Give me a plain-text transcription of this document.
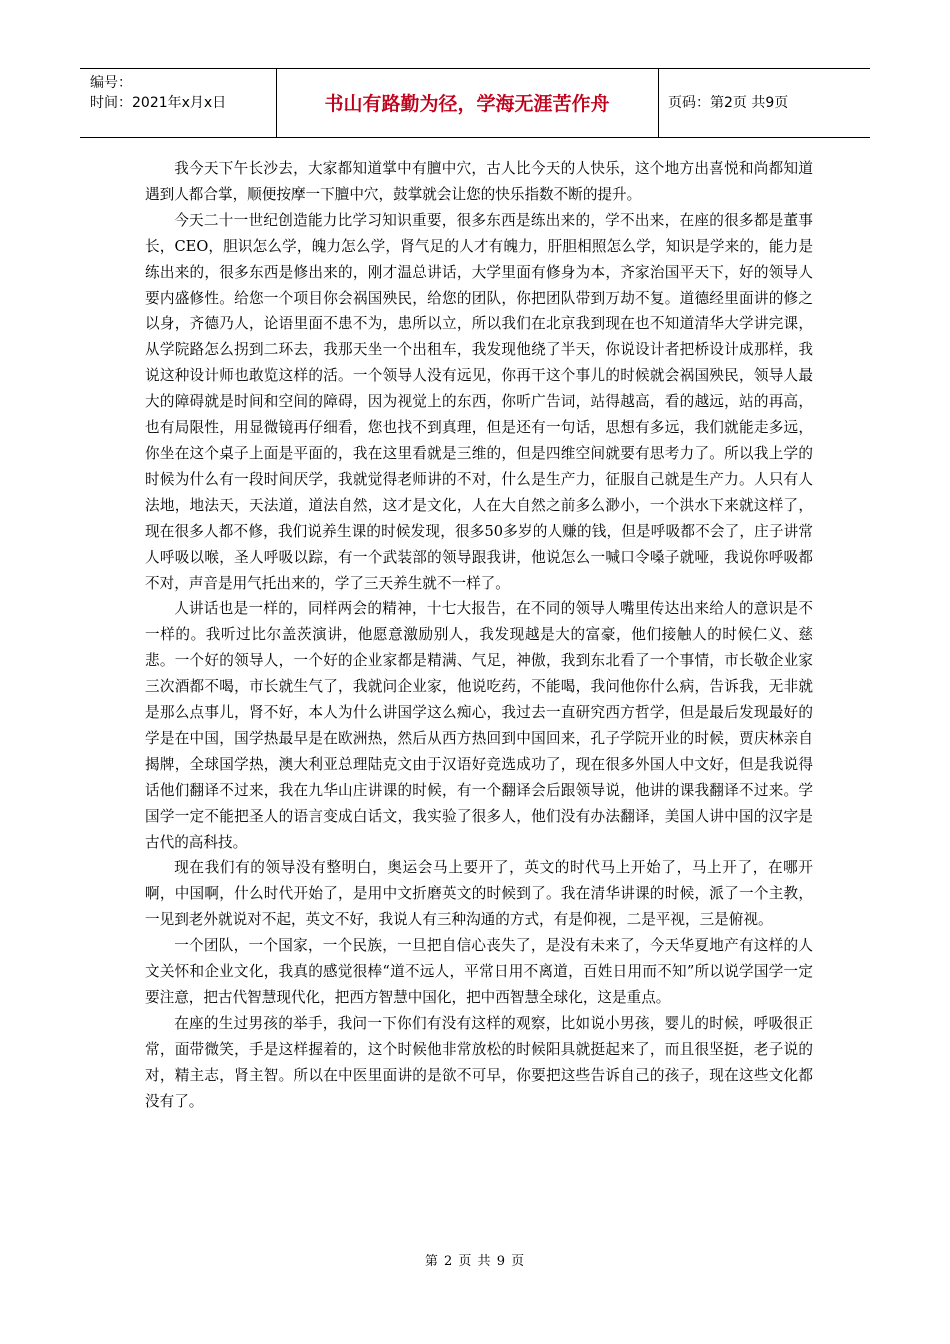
编号：
时间：2021年x月x日	书山有路勤为径，学海无涯苦作舟	页码：第2页 共9页

我今天下午长沙去，大家都知道掌中有膻中穴，古人比今天的人快乐，这个地方出喜悦和尚都知道遇到人都合掌，顺便按摩一下膻中穴，鼓掌就会让您的快乐指数不断的提升。

今天二十一世纪创造能力比学习知识重要，很多东西是练出来的，学不出来，在座的很多都是董事长，CEO，胆识怎么学，魄力怎么学，肾气足的人才有魄力，肝胆相照怎么学，知识是学来的，能力是练出来的，很多东西是修出来的，刚才温总讲话，大学里面有修身为本，齐家治国平天下，好的领导人要内盛修性。给您一个项目你会祸国殃民，给您的团队，你把团队带到万劫不复。道德经里面讲的修之以身，齐德乃人，论语里面不患不为，患所以立，所以我们在北京我到现在也不知道清华大学讲完课，从学院路怎么拐到二环去，我那天坐一个出租车，我发现他绕了半天，你说设计者把桥设计成那样，我说这种设计师也敢览这样的活。一个领导人没有远见，你再干这个事儿的时候就会祸国殃民，领导人最大的障碍就是时间和空间的障碍，因为视觉上的东西，你听广告词，站得越高，看的越远，站的再高，也有局限性，用显微镜再仔细看，您也找不到真理，但是还有一句话，思想有多远，我们就能走多远，你坐在这个桌子上面是平面的，我在这里看就是三维的，但是四维空间就要有思考力了。所以我上学的时候为什么有一段时间厌学，我就觉得老师讲的不对，什么是生产力，征服自己就是生产力。人只有人法地，地法天，天法道，道法自然，这才是文化，人在大自然之前多么渺小，一个洪水下来就这样了，现在很多人都不修，我们说养生课的时候发现，很多50多岁的人赚的钱，但是呼吸都不会了，庄子讲常人呼吸以喉，圣人呼吸以踪，有一个武装部的领导跟我讲，他说怎么一喊口令嗓子就哑，我说你呼吸都不对，声音是用气托出来的，学了三天养生就不一样了。

人讲话也是一样的，同样两会的精神，十七大报告，在不同的领导人嘴里传达出来给人的意识是不一样的。我听过比尔盖茨演讲，他愿意激励别人，我发现越是大的富豪，他们接触人的时候仁义、慈悲。一个好的领导人，一个好的企业家都是精满、气足，神傲，我到东北看了一个事情，市长敬企业家三次酒都不喝，市长就生气了，我就问企业家，他说吃药，不能喝，我问他你什么病，告诉我，无非就是那么点事儿，肾不好，本人为什么讲国学这么痴心，我过去一直研究西方哲学，但是最后发现最好的学是在中国，国学热最早是在欧洲热，然后从西方热回到中国回来，孔子学院开业的时候，贾庆林亲自揭牌，全球国学热，澳大利亚总理陆克文由于汉语好竞选成功了，现在很多外国人中文好，但是我说得话他们翻译不过来，我在九华山庄讲课的时候，有一个翻译会后跟领导说，他讲的课我翻译不过来。学国学一定不能把圣人的语言变成白话文，我实验了很多人，他们没有办法翻译，美国人讲中国的汉字是古代的高科技。

现在我们有的领导没有整明白，奥运会马上要开了，英文的时代马上开始了，马上开了，在哪开啊，中国啊，什么时代开始了，是用中文折磨英文的时候到了。我在清华讲课的时候，派了一个主教，一见到老外就说对不起，英文不好，我说人有三种沟通的方式，有是仰视，二是平视，三是俯视。

一个团队，一个国家，一个民族，一旦把自信心丧失了，是没有未来了，今天华夏地产有这样的人文关怀和企业文化，我真的感觉很棒“道不远人，平常日用不离道，百姓日用而不知”所以说学国学一定要注意，把古代智慧现代化，把西方智慧中国化，把中西智慧全球化，这是重点。

在座的生过男孩的举手，我问一下你们有没有这样的观察，比如说小男孩，婴儿的时候，呼吸很正常，面带微笑，手是这样握着的，这个时候他非常放松的时候阳具就挺起来了，而且很坚挺，老子说的对，精主志，肾主智。所以在中医里面讲的是欲不可早，你要把这些告诉自己的孩子，现在这些文化都没有了。

第 2 页 共 9 页
